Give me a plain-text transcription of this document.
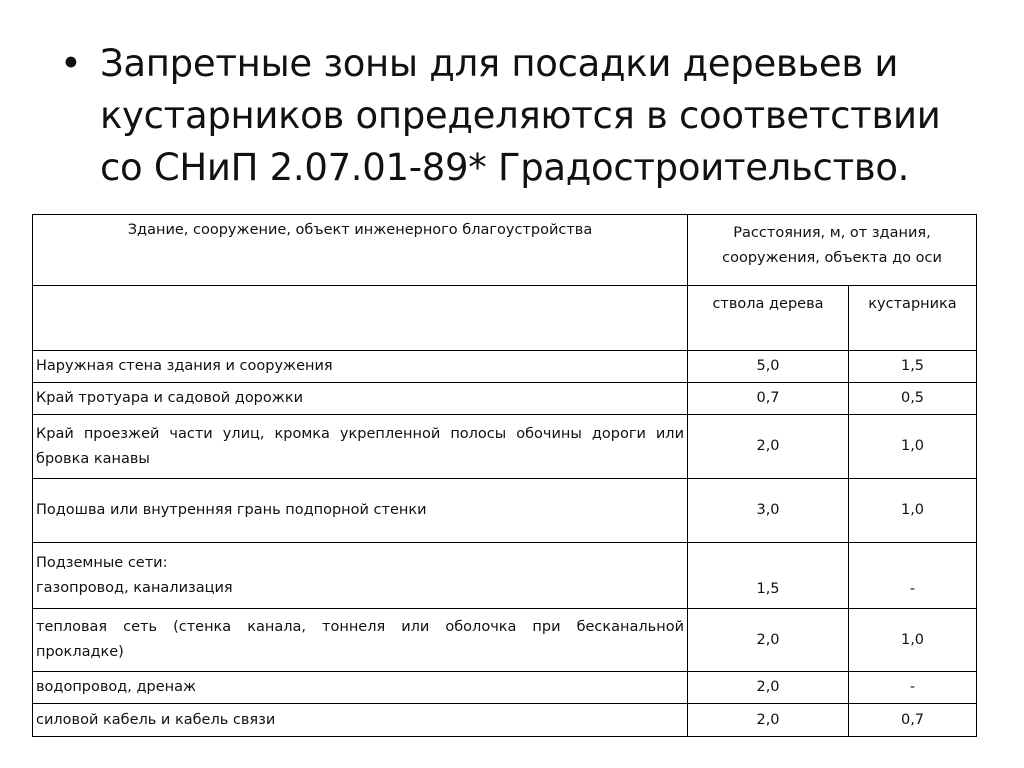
• Запретные зоны для посадки деревьев и кустарников определяются в соответствии со СНиП 2.07.01-89* Градостроительство.
Здание, сооружение, объект инженерного благоустройства	Расстояния, м, от здания, сооружения, объекта до оси	
	ствола дерева	кустарника
Наружная стена здания и сооружения	5,0	1,5
Край тротуара и садовой дорожки	0,7	0,5
Край проезжей части улиц, кромка укрепленной полосы обочины дороги или бровка канавы	2,0	1,0
Подошва или внутренняя грань подпорной стенки	3,0	1,0

Подземные сети:
газопровод, канализация	1,5	-
тепловая сеть (стенка канала, тоннеля или оболочка при бесканальной прокладке)	2,0	1,0
водопровод, дренаж	2,0	-
силовой кабель и кабель связи	2,0	0,7
